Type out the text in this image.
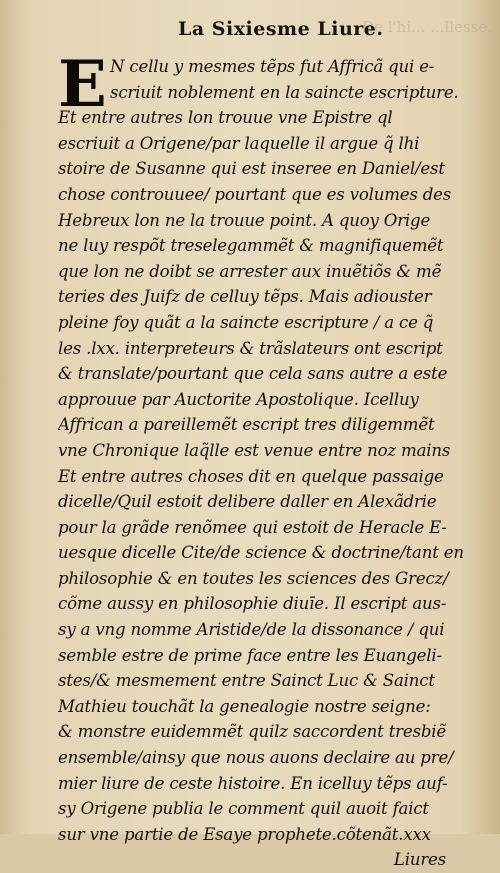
De l'hi... ...llesse.
La Sixiesme Liure.
E N cellu y mesmes tẽps fut Affricã qui e-
scriuit noblement en la saincte escripture.
Et entre autres lon trouue vne Epistre ql
escriuit a Origene/par laquelle il argue q̃ lhi
stoire de Susanne qui est inseree en Daniel/est
chose controuuee/ pourtant que es volumes des
Hebreux lon ne la trouue point. A quoy Orige
ne luy respõt treselegammẽt & magnifiquemẽt
que lon ne doibt se arrester aux inuẽtiõs & mẽ
teries des Juifz de celluy tẽps. Mais adiouster
pleine foy quãt a la saincte escripture / a ce q̃
les .lxx. interpreteurs & trãslateurs ont escript
& translate/pourtant que cela sans autre a este
approuue par Auctorite Apostolique. Icelluy
Affrican a pareillemẽt escript tres diligemmẽt
vne Chronique laq̃lle est venue entre noz mains
Et entre autres choses dit en quelque passaige
dicelle/Quil estoit delibere daller en Alexãdrie
pour la grãde renõmee qui estoit de Heracle E-
uesque dicelle Cite/de science & doctrine/tant en
philosophie & en toutes les sciences des Grecz/
cõme aussy en philosophie diuīe. Il escript aus-
sy a vng nomme Aristide/de la dissonance / qui
semble estre de prime face entre les Euangeli-
stes/& mesmement entre Sainct Luc & Sainct
Mathieu touchãt la genealogie nostre seigne:
& monstre euidemmẽt quilz saccordent tresbiẽ
ensemble/ainsy que nous auons declaire au pre/
mier liure de ceste histoire. En icelluy tẽps auf-
sy Origene publia le comment quil auoit faict
sur vne partie de Esaye prophete.cõtenãt.xxx
Liures
